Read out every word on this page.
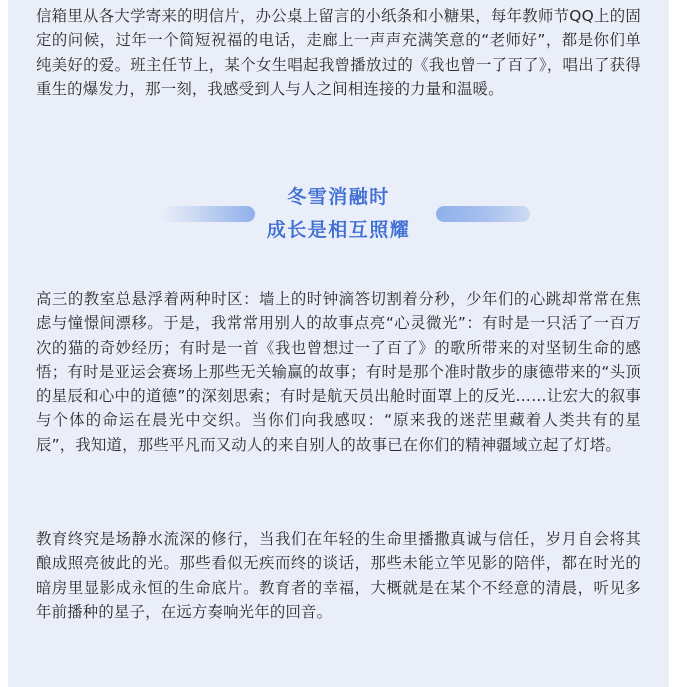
信箱里从各大学寄来的明信片，办公桌上留言的小纸条和小糖果，每年教师节QQ上的固定的问候，过年一个简短祝福的电话，走廊上一声声充满笑意的“老师好”，都是你们单纯美好的爱。班主任节上，某个女生唱起我曾播放过的《我也曾一了百了》，唱出了获得重生的爆发力，那一刻，我感受到人与人之间相连接的力量和温暖。

冬雪消融时
成长是相互照耀

高三的教室总悬浮着两种时区：墙上的时钟滴答切割着分秒，少年们的心跳却常常在焦虑与憧憬间漂移。于是，我常常用别人的故事点亮“心灵微光”：有时是一只活了一百万次的猫的奇妙经历；有时是一首《我也曾想过一了百了》的歌所带来的对坚韧生命的感悟；有时是亚运会赛场上那些无关输赢的故事；有时是那个准时散步的康德带来的“头顶的星辰和心中的道德”的深刻思索；有时是航天员出舱时面罩上的反光……让宏大的叙事与个体的命运在晨光中交织。当你们向我感叹：“原来我的迷茫里藏着人类共有的星辰”，我知道，那些平凡而又动人的来自别人的故事已在你们的精神疆域立起了灯塔。

教育终究是场静水流深的修行，当我们在年轻的生命里播撒真诚与信任，岁月自会将其酿成照亮彼此的光。那些看似无疾而终的谈话，那些未能立竿见影的陪伴，都在时光的暗房里显影成永恒的生命底片。教育者的幸福，大概就是在某个不经意的清晨，听见多年前播种的星子，在远方奏响光年的回音。
